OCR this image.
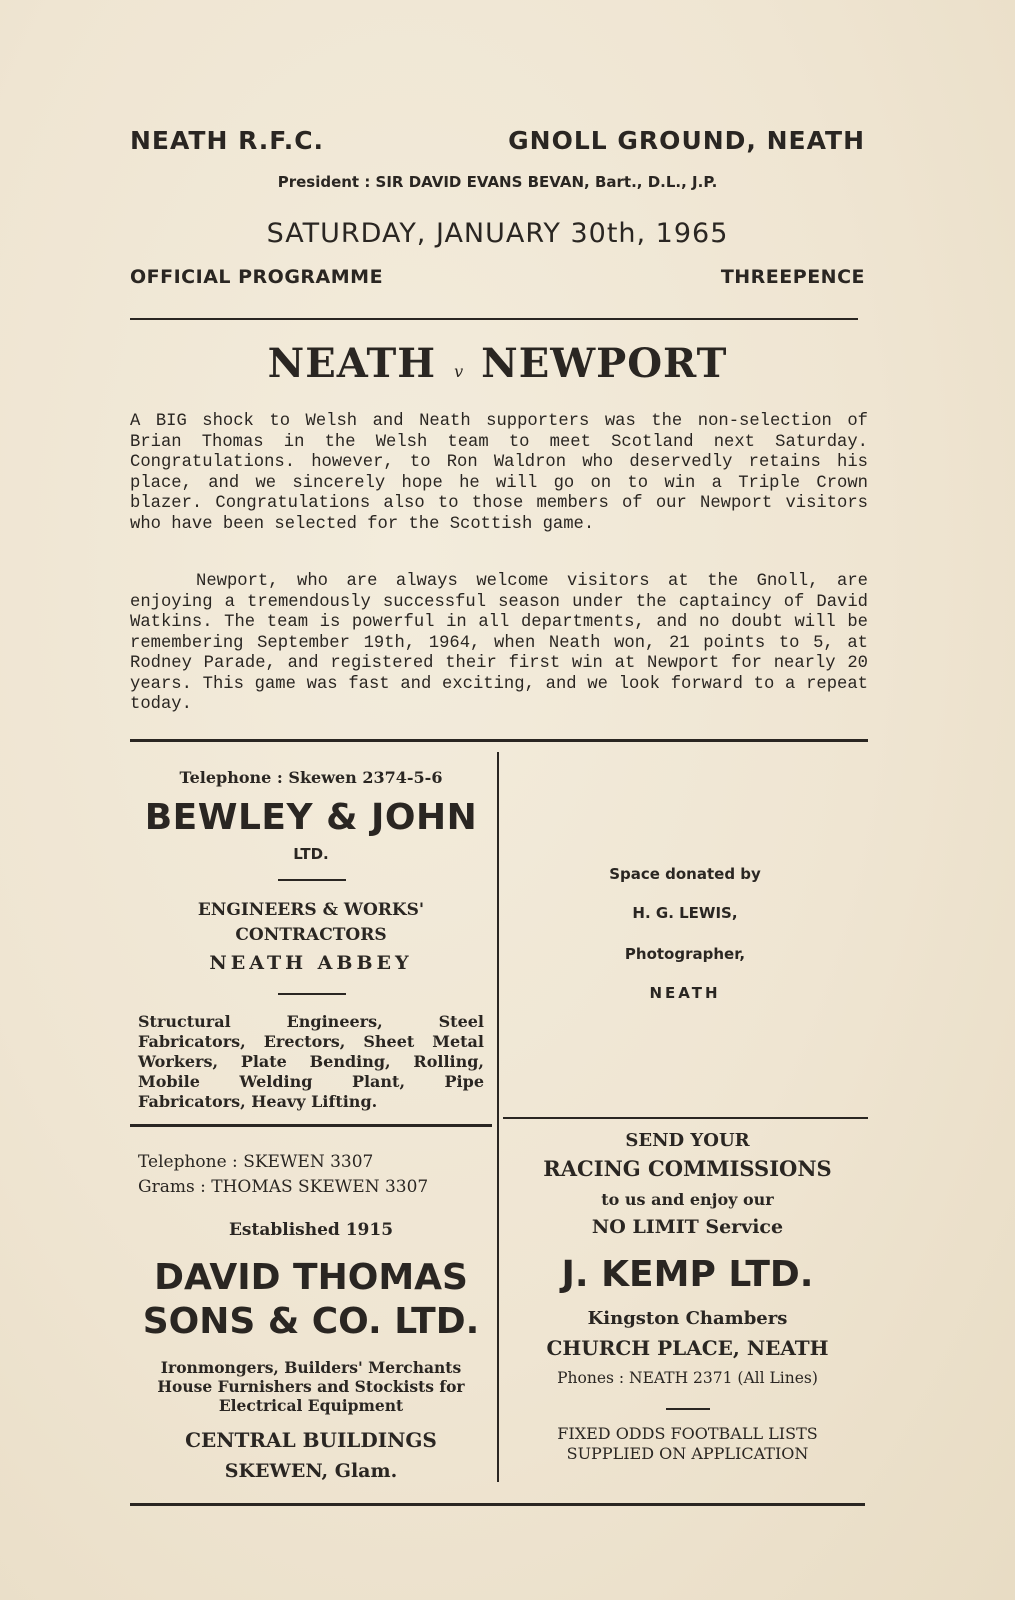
NEATH R.F.C.	GNOLL GROUND, NEATH
President : SIR DAVID EVANS BEVAN, Bart., D.L., J.P.
SATURDAY, JANUARY 30th, 1965
OFFICIAL PROGRAMME	THREEPENCE
NEATH v NEWPORT
A BIG shock to Welsh and Neath supporters was the non-selection of Brian Thomas in the Welsh team to meet Scotland next Saturday. Congratulations. however, to Ron Waldron who deservedly retains his place, and we sincerely hope he will go on to win a Triple Crown blazer. Congratulations also to those members of our Newport visitors who have been selected for the Scottish game.
Newport, who are always welcome visitors at the Gnoll, are enjoying a tremendously successful season under the captaincy of David Watkins. The team is powerful in all departments, and no doubt will be remembering September 19th, 1964, when Neath won, 21 points to 5, at Rodney Parade, and registered their first win at Newport for nearly 20 years. This game was fast and exciting, and we look forward to a repeat today.
Telephone : Skewen 2374-5-6
BEWLEY & JOHN
LTD.
ENGINEERS & WORKS'
CONTRACTORS
NEATH ABBEY
Structural Engineers, Steel Fabricators, Erectors, Sheet Metal Workers, Plate Bending, Rolling, Mobile Welding Plant, Pipe Fabricators, Heavy Lifting.
Space donated by
H. G. LEWIS,
Photographer,
NEATH
Telephone : SKEWEN 3307
Grams : THOMAS SKEWEN 3307
Established 1915
DAVID THOMAS
SONS & CO. LTD.
Ironmongers, Builders' Merchants
House Furnishers and Stockists for
Electrical Equipment
CENTRAL BUILDINGS
SKEWEN, Glam.
SEND YOUR
RACING COMMISSIONS
to us and enjoy our
NO LIMIT Service
J. KEMP LTD.
Kingston Chambers
CHURCH PLACE, NEATH
Phones : NEATH 2371 (All Lines)
FIXED ODDS FOOTBALL LISTS
SUPPLIED ON APPLICATION
